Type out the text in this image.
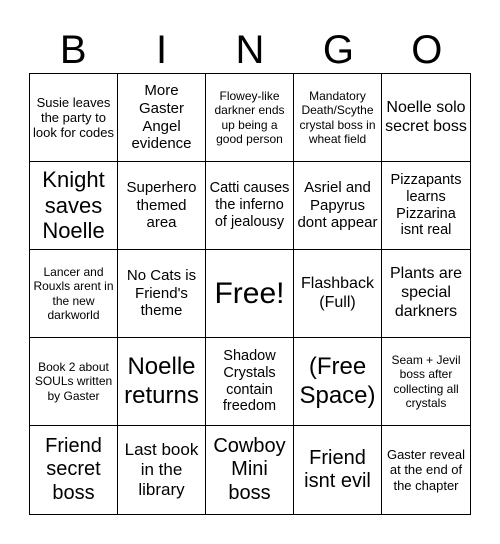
B	I	N	G	O
Susie leaves the party to look for codes
More Gaster Angel evidence
Flowey-like darkner ends up being a good person
Mandatory Death/Scythe crystal boss in wheat field
Noelle solo secret boss
Knight saves Noelle
Superhero themed area
Catti causes the inferno of jealousy
Asriel and Papyrus dont appear
Pizzapants learns Pizzarina isnt real
Lancer and Rouxls arent in the new darkworld
No Cats is Friend's theme
Free! Flashback (Full)
Plants are special darkners
Book 2 about SOULs written by Gaster
Noelle returns
Shadow Crystals contain freedom
(Free Space)
Seam + Jevil boss after collecting all crystals
Friend secret boss
Last book in the library
Cowboy Mini boss
Friend isnt evil
Gaster reveal at the end of the chapter
